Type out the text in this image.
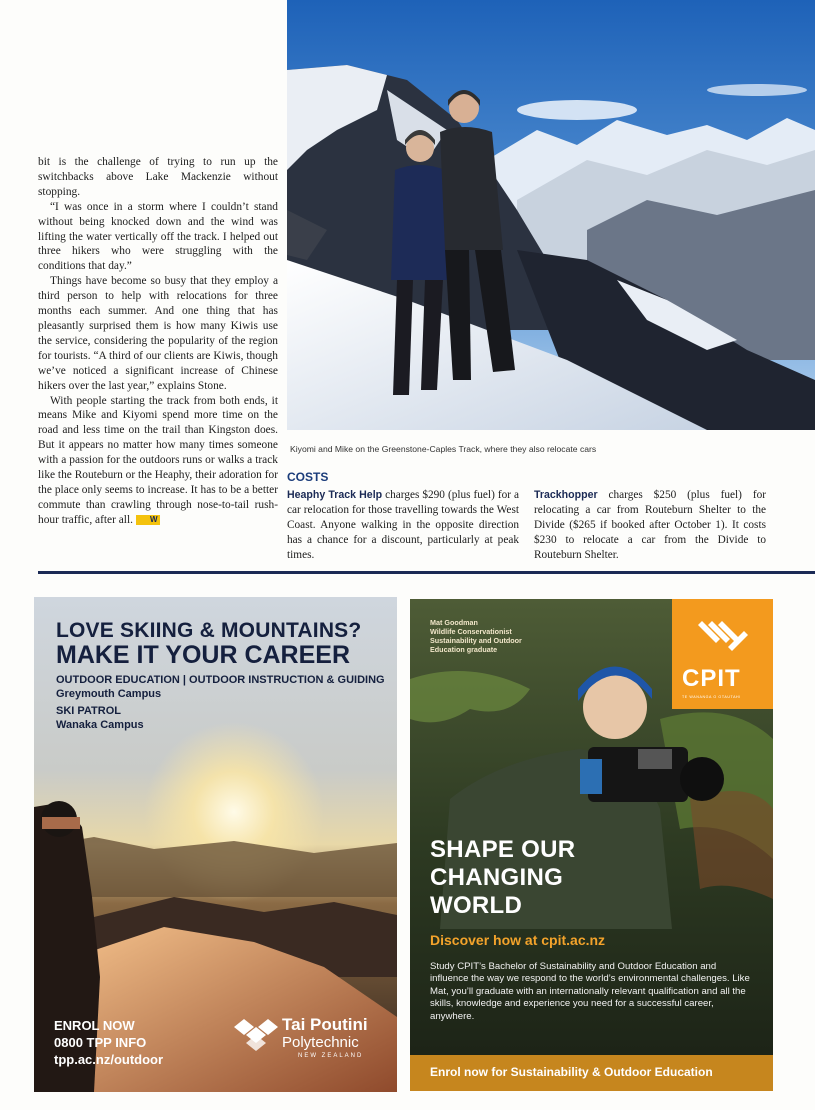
bit is the challenge of trying to run up the switchbacks above Lake Mackenzie without stopping.

“I was once in a storm where I couldn’t stand without being knocked down and the wind was lifting the water vertically off the track. I helped out three hikers who were struggling with the conditions that day.”

Things have become so busy that they employ a third person to help with relocations for three months each summer. And one thing that has pleasantly surprised them is how many Kiwis use the service, considering the popularity of the region for tourists. “A third of our clients are Kiwis, though we’ve noticed a significant increase of Chinese hikers over the last year,” explains Stone.

With people starting the track from both ends, it means Mike and Kiyomi spend more time on the road and less time on the trail than Kingston does. But it appears no matter how many times someone with a passion for the outdoors runs or walks a track like the Routeburn or the Heaphy, their adoration for the place only seems to increase. It has to be a better commute than crawling through nose-to-tail rush-hour traffic, after all. W

Kiyomi and Mike on the Greenstone-Caples Track, where they also relocate cars
COSTS
Heaphy Track Help charges $290 (plus fuel) for a car relocation for those travelling towards the West Coast. Anyone walking in the opposite direction has a chance for a discount, particularly at peak times.
Trackhopper charges $250 (plus fuel) for relocating a car from Routeburn Shelter to the Divide ($265 if booked after October 1). It costs $230 to relocate a car from the Divide to Routeburn Shelter.
LOVE SKIING & MOUNTAINS?
MAKE IT YOUR CAREER
OUTDOOR EDUCATION | OUTDOOR INSTRUCTION & GUIDING
Greymouth Campus
SKI PATROL
Wanaka Campus
ENROL NOW
0800 TPP INFO
tpp.ac.nz/outdoor
Tai Poutini
Polytechnic
NEW ZEALAND
Mat Goodman
Wildlife Conservationist
Sustainability and Outdoor
Education graduate
CPIT
TE WANANGA O OTAUTAHI
SHAPE OUR
CHANGING
WORLD
Discover how at cpit.ac.nz
Study CPIT’s Bachelor of Sustainability and Outdoor Education and influence the way we respond to the world’s environmental challenges. Like Mat, you’ll graduate with an internationally relevant qualification and all the skills, knowledge and experience you need for a successful career, anywhere.
Enrol now for Sustainability & Outdoor Education
